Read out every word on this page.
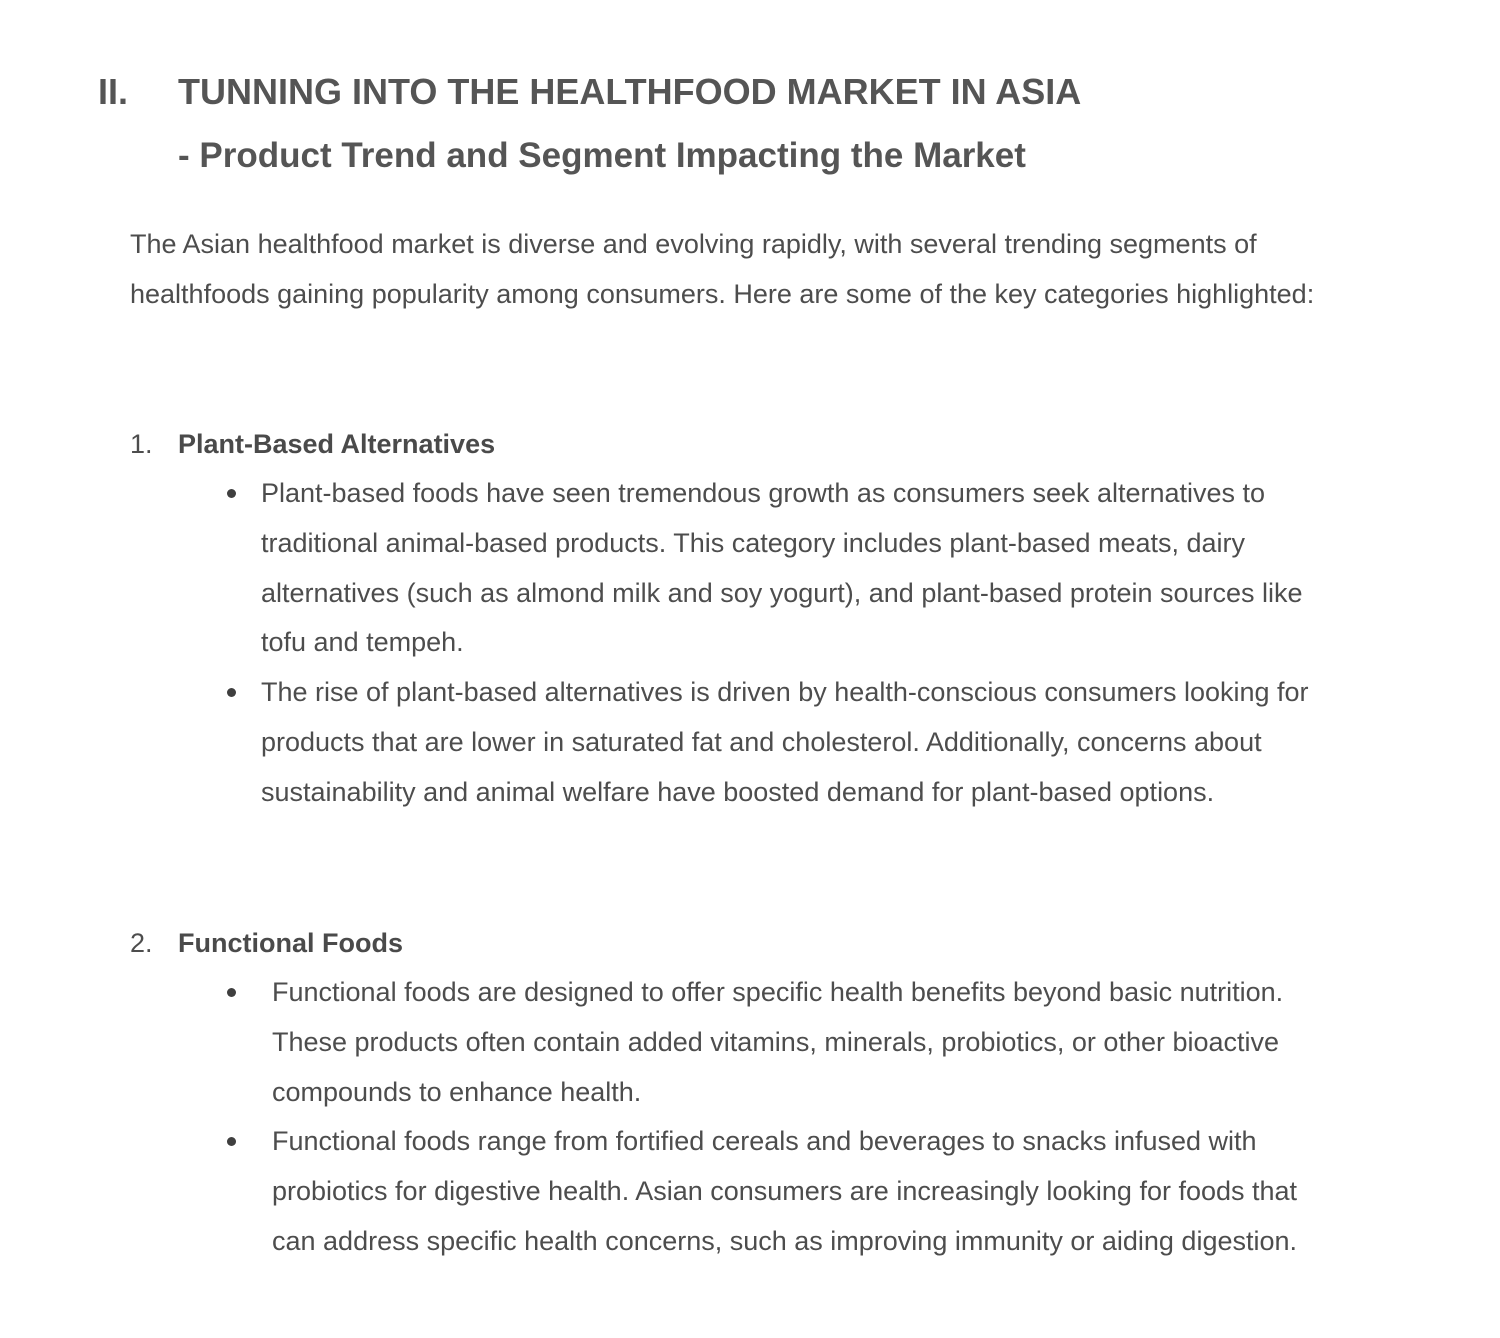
II.	TUNNING INTO THE HEALTHFOOD MARKET IN ASIA
- Product Trend and Segment Impacting the Market

The Asian healthfood market is diverse and evolving rapidly, with several trending segments of healthfoods gaining popularity among consumers. Here are some of the key categories highlighted:

1. Plant-Based Alternatives
Plant-based foods have seen tremendous growth as consumers seek alternatives to traditional animal-based products. This category includes plant-based meats, dairy alternatives (such as almond milk and soy yogurt), and plant-based protein sources like tofu and tempeh.
The rise of plant-based alternatives is driven by health-conscious consumers looking for products that are lower in saturated fat and cholesterol. Additionally, concerns about sustainability and animal welfare have boosted demand for plant-based options.
2. Functional Foods
Functional foods are designed to offer specific health benefits beyond basic nutrition. These products often contain added vitamins, minerals, probiotics, or other bioactive compounds to enhance health.
Functional foods range from fortified cereals and beverages to snacks infused with probiotics for digestive health. Asian consumers are increasingly looking for foods that can address specific health concerns, such as improving immunity or aiding digestion.
